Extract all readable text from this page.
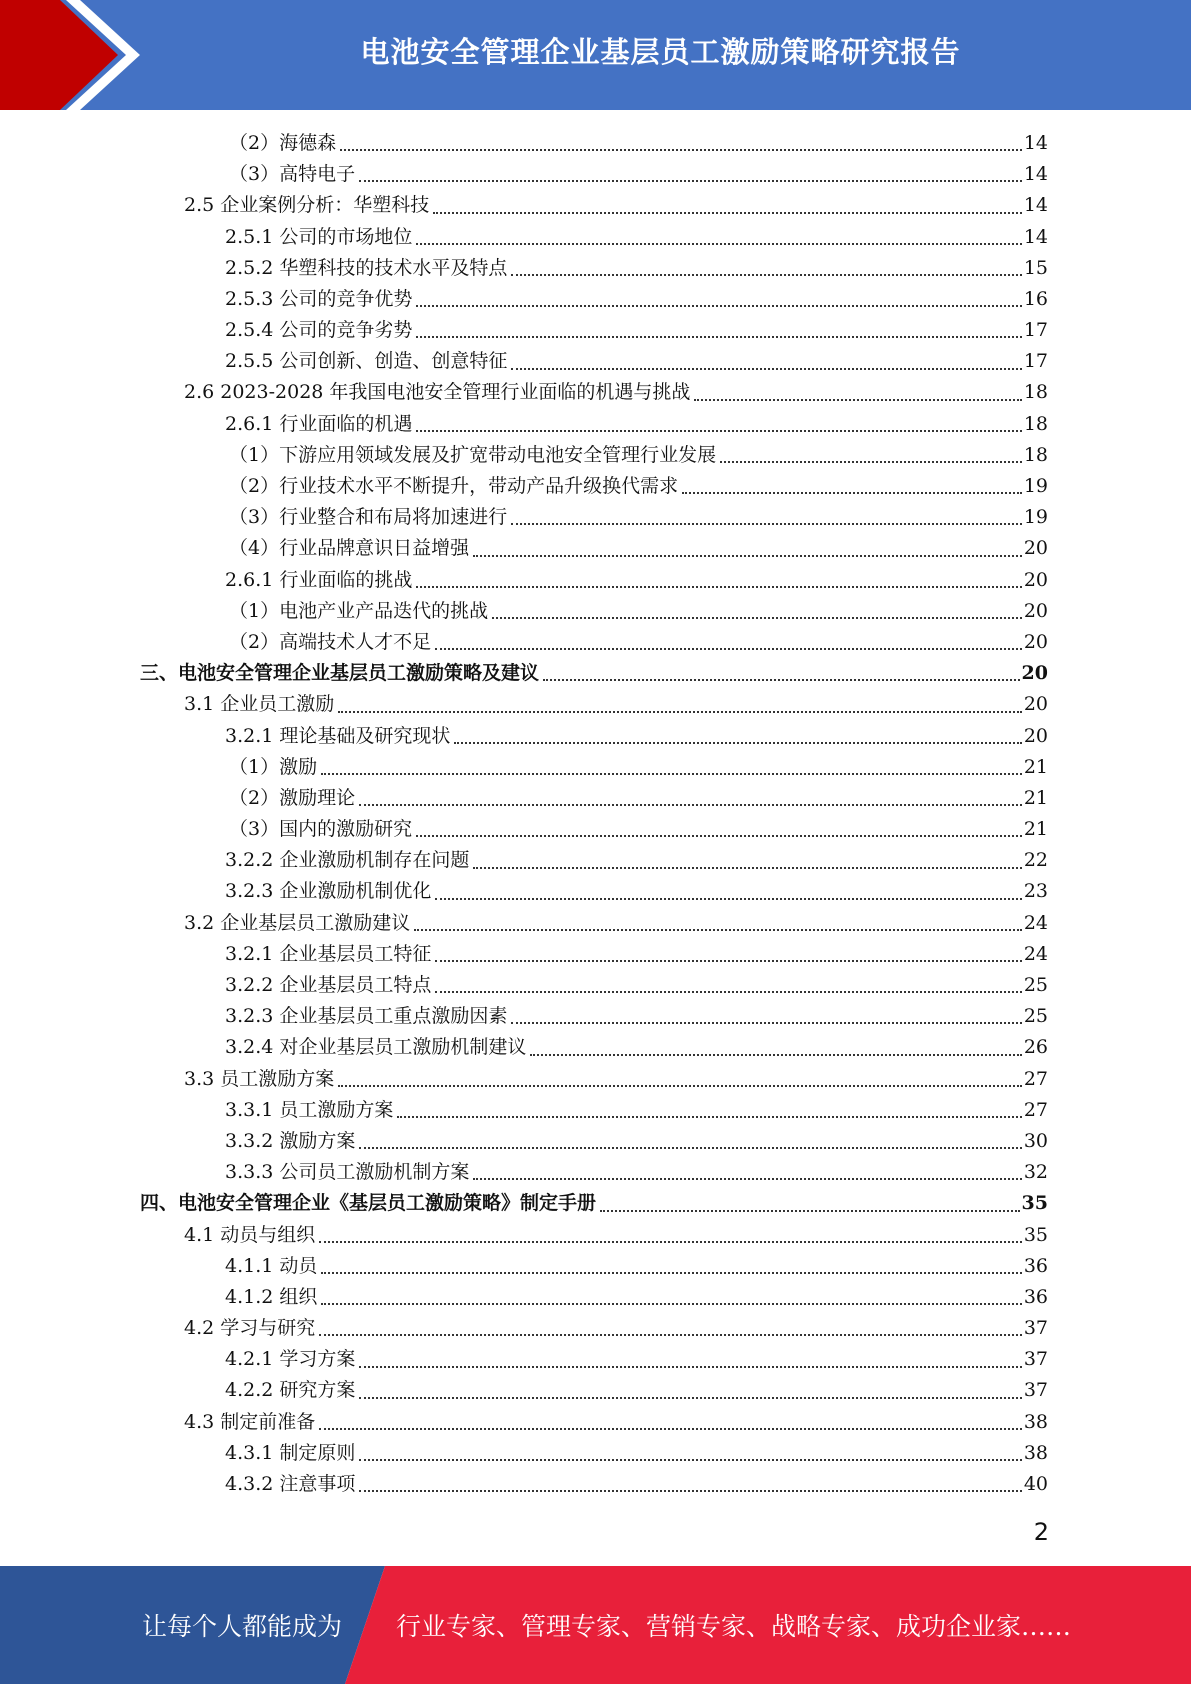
电池安全管理企业基层员工激励策略研究报告
（2）海德森	14
（3）高特电子	14
2.5 企业案例分析：华塑科技	14
2.5.1 公司的市场地位	14
2.5.2 华塑科技的技术水平及特点	15
2.5.3 公司的竞争优势	16
2.5.4 公司的竞争劣势	17
2.5.5 公司创新、创造、创意特征	17
2.6 2023-2028 年我国电池安全管理行业面临的机遇与挑战	18
2.6.1 行业面临的机遇	18
（1）下游应用领域发展及扩宽带动电池安全管理行业发展	18
（2）行业技术水平不断提升，带动产品升级换代需求	19
（3）行业整合和布局将加速进行	19
（4）行业品牌意识日益增强	20
2.6.1 行业面临的挑战	20
（1）电池产业产品迭代的挑战	20
（2）高端技术人才不足	20
三、电池安全管理企业基层员工激励策略及建议	20
3.1 企业员工激励	20
3.2.1 理论基础及研究现状	20
（1）激励	21
（2）激励理论	21
（3）国内的激励研究	21
3.2.2 企业激励机制存在问题	22
3.2.3 企业激励机制优化	23
3.2 企业基层员工激励建议	24
3.2.1 企业基层员工特征	24
3.2.2 企业基层员工特点	25
3.2.3 企业基层员工重点激励因素	25
3.2.4 对企业基层员工激励机制建议	26
3.3 员工激励方案	27
3.3.1 员工激励方案	27
3.3.2 激励方案	30
3.3.3 公司员工激励机制方案	32
四、电池安全管理企业《基层员工激励策略》制定手册	35
4.1 动员与组织	35
4.1.1 动员	36
4.1.2 组织	36
4.2 学习与研究	37
4.2.1 学习方案	37
4.2.2 研究方案	37
4.3 制定前准备	38
4.3.1 制定原则	38
4.3.2 注意事项	40
2
让每个人都能成为 行业专家、管理专家、营销专家、战略专家、成功企业家……
